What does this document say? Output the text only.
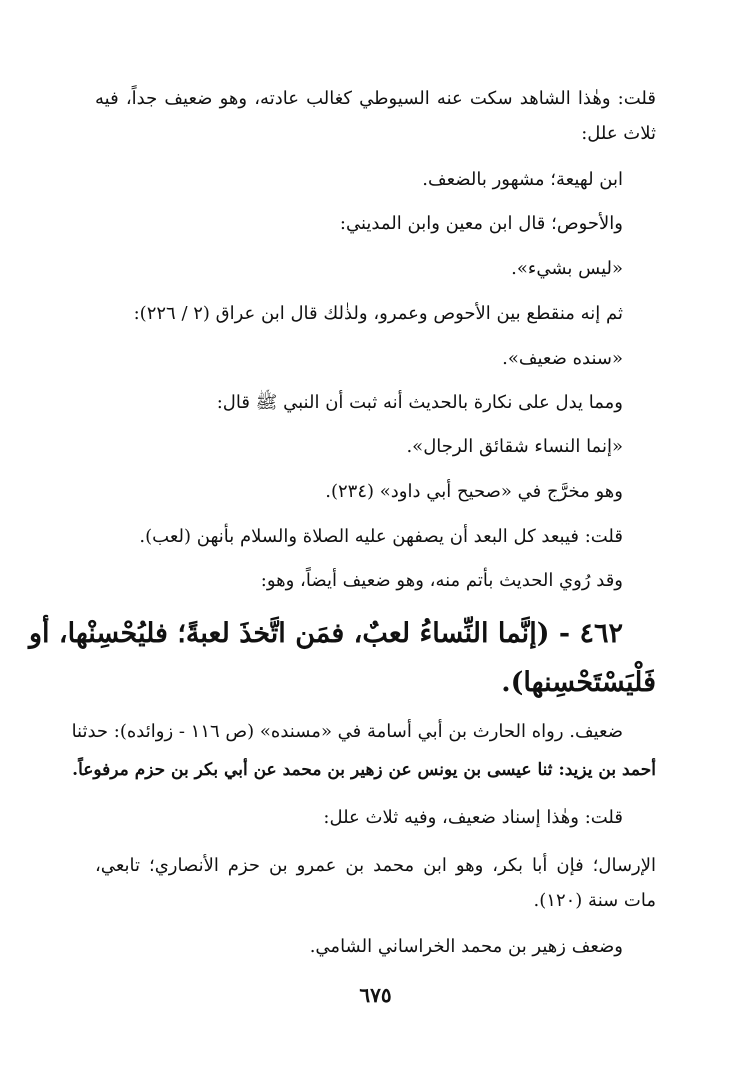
قلت: وهٰذا الشاهد سكت عنه السيوطي كغالب عادته، وهو ضعيف جداً، فيه
ثلاث علل:
ابن لهيعة؛ مشهور بالضعف.
والأحوص؛ قال ابن معين وابن المديني:
«ليس بشيء».
ثم إنه منقطع بين الأحوص وعمرو، ولذٰلك قال ابن عراق (٢ / ٢٢٦):
«سنده ضعيف».
ومما يدل على نكارة بالحديث أنه ثبت أن النبي ﷺ قال:
«إنما النساء شقائق الرجال».
وهو مخرَّج في «صحيح أبي داود» (٢٣٤).
قلت: فيبعد كل البعد أن يصفهن عليه الصلاة والسلام بأنهن (لعب).
وقد رُوي الحديث بأتم منه، وهو ضعيف أيضاً، وهو:
٤٦٢ - (إنَّما النِّساءُ لعبٌ، فمَن اتَّخذَ لعبةً؛ فليُحْسِنْها، أو
فَلْيَسْتَحْسِنها).
ضعيف. رواه الحارث بن أبي أسامة في «مسنده» (ص ١١٦ - زوائده): حدثنا
أحمد بن يزيد: ثنا عيسى بن يونس عن زهير بن محمد عن أبي بكر بن حزم مرفوعاً.
قلت: وهٰذا إسناد ضعيف، وفيه ثلاث علل:
الإرسال؛ فإن أبا بكر، وهو ابن محمد بن عمرو بن حزم الأنصاري؛ تابعي،
مات سنة (١٢٠).
وضعف زهير بن محمد الخراساني الشامي.
٦٧٥
